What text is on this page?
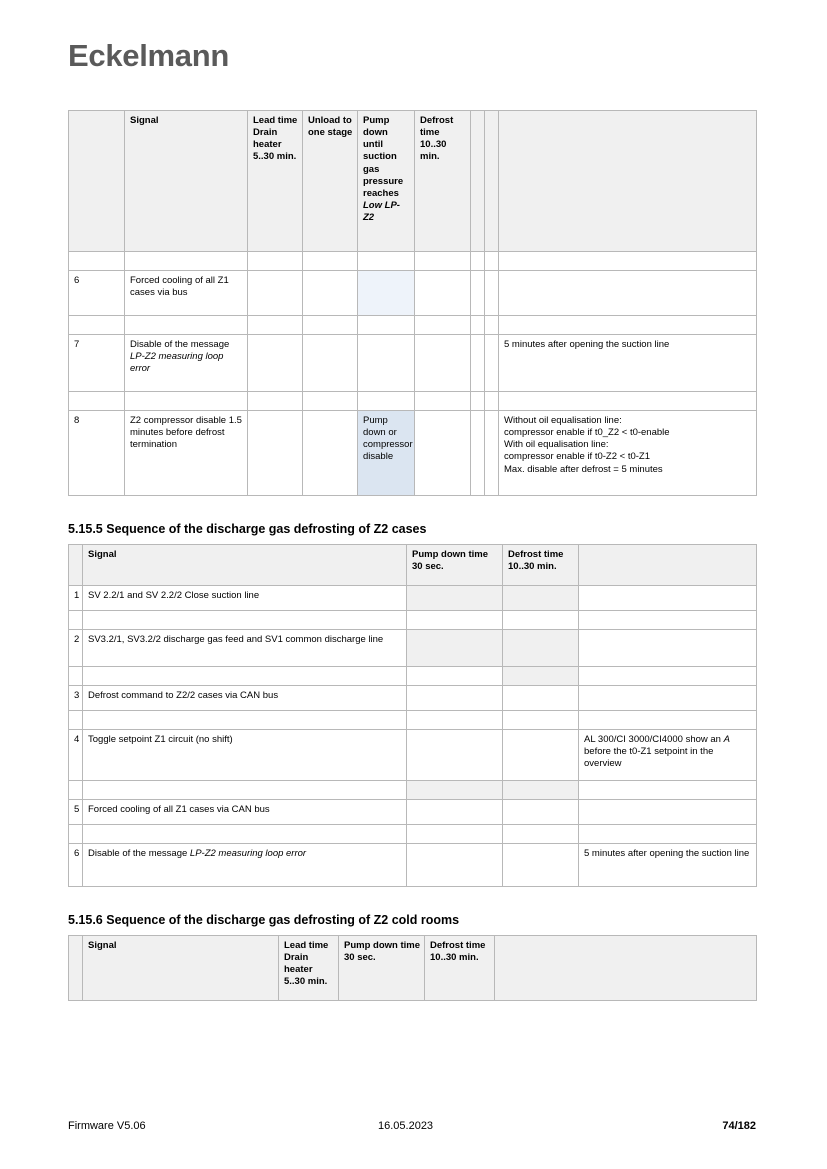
Eckelmann
	Signal	Lead time Drain heater 5..30 min.	Unload to one stage	Pump down until suction gas pressure reaches Low LP-Z2	Defrost time 10..30 min.			

6	Forced cooling of all Z1 cases via bus							

7	Disable of the message LP-Z2 measuring loop error							5 minutes after opening the suction line

8	Z2 compressor disable 1.5 minutes before defrost termination			Pump down or compressor disable				Without oil equalisation line:
compressor enable if t0_Z2 < t0-enable
With oil equalisation line:
compressor enable if t0-Z2 < t0-Z1
Max. disable after defrost = 5 minutes
5.15.5 Sequence of the discharge gas defrosting of Z2 cases
	Signal	Pump down time 30 sec.	Defrost time 10..30 min.	
1	SV 2.2/1 and SV 2.2/2 Close suction line			

2	SV3.2/1, SV3.2/2 discharge gas feed and SV1 common discharge line			

3	Defrost command to Z2/2 cases via CAN bus			

4	Toggle setpoint Z1 circuit (no shift)			AL 300/CI 3000/CI4000 show an A before the t0-Z1 setpoint in the overview

5	Forced cooling of all Z1 cases via CAN bus			

6	Disable of the message LP-Z2 measuring loop error			5 minutes after opening the suction line
5.15.6 Sequence of the discharge gas defrosting of Z2 cold rooms
	Signal	Lead time Drain heater 5..30 min.	Pump down time 30 sec.	Defrost time 10..30 min.	
Firmware V5.06	16.05.2023	74/182
